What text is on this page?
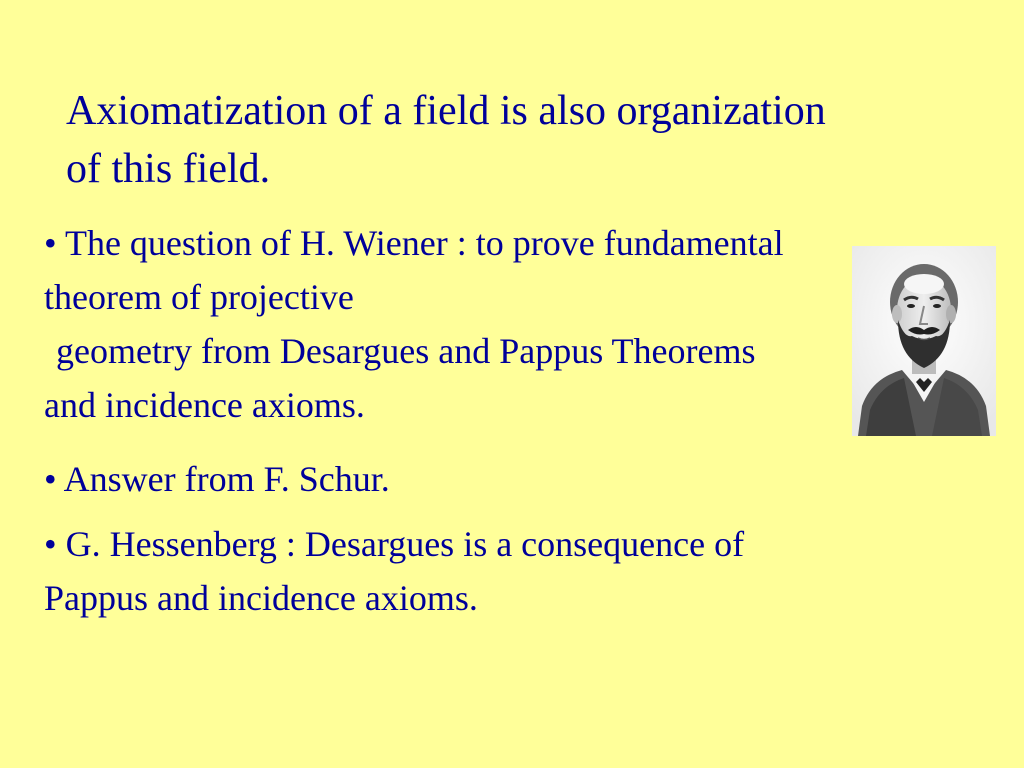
Axiomatization of a field is also organization
of this field.
• The question of H. Wiener : to prove fundamental
theorem of projective
geometry from Desargues and Pappus Theorems
and incidence axioms.
• Answer from F. Schur.
• G. Hessenberg : Desargues is a consequence of
Pappus and incidence axioms.
